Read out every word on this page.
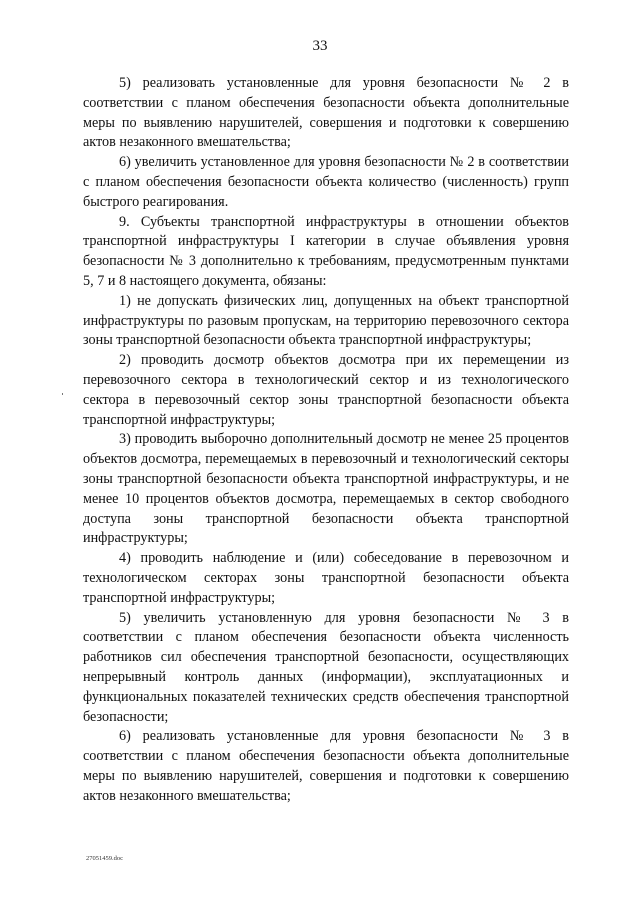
33

5) реализовать установленные для уровня безопасности № 2 в соответствии с планом обеспечения безопасности объекта дополнительные меры по выявлению нарушителей, совершения и подготовки к совершению актов незаконного вмешательства;

6) увеличить установленное для уровня безопасности № 2 в соответствии с планом обеспечения безопасности объекта количество (численность) групп быстрого реагирования.

9. Субъекты транспортной инфраструктуры в отношении объектов транспортной инфраструктуры I категории в случае объявления уровня безопасности № 3 дополнительно к требованиям, предусмотренным пунктами 5, 7 и 8 настоящего документа, обязаны:

1) не допускать физических лиц, допущенных на объект транспортной инфраструктуры по разовым пропускам, на территорию перевозочного сектора зоны транспортной безопасности объекта транспортной инфраструктуры;

2) проводить досмотр объектов досмотра при их перемещении из перевозочного сектора в технологический сектор и из технологического сектора в перевозочный сектор зоны транспортной безопасности объекта транспортной инфраструктуры;

3) проводить выборочно дополнительный досмотр не менее 25 процентов объектов досмотра, перемещаемых в перевозочный и технологический секторы зоны транспортной безопасности объекта транспортной инфраструктуры, и не менее 10 процентов объектов досмотра, перемещаемых в сектор свободного доступа зоны транспортной безопасности объекта транспортной инфраструктуры;

4) проводить наблюдение и (или) собеседование в перевозочном и технологическом секторах зоны транспортной безопасности объекта транспортной инфраструктуры;

5) увеличить установленную для уровня безопасности № 3 в соответствии с планом обеспечения безопасности объекта численность работников сил обеспечения транспортной безопасности, осуществляющих непрерывный контроль данных (информации), эксплуатационных и функциональных показателей технических средств обеспечения транспортной безопасности;

6) реализовать установленные для уровня безопасности № 3 в соответствии с планом обеспечения безопасности объекта дополнительные меры по выявлению нарушителей, совершения и подготовки к совершению актов незаконного вмешательства;

27051459.doc
